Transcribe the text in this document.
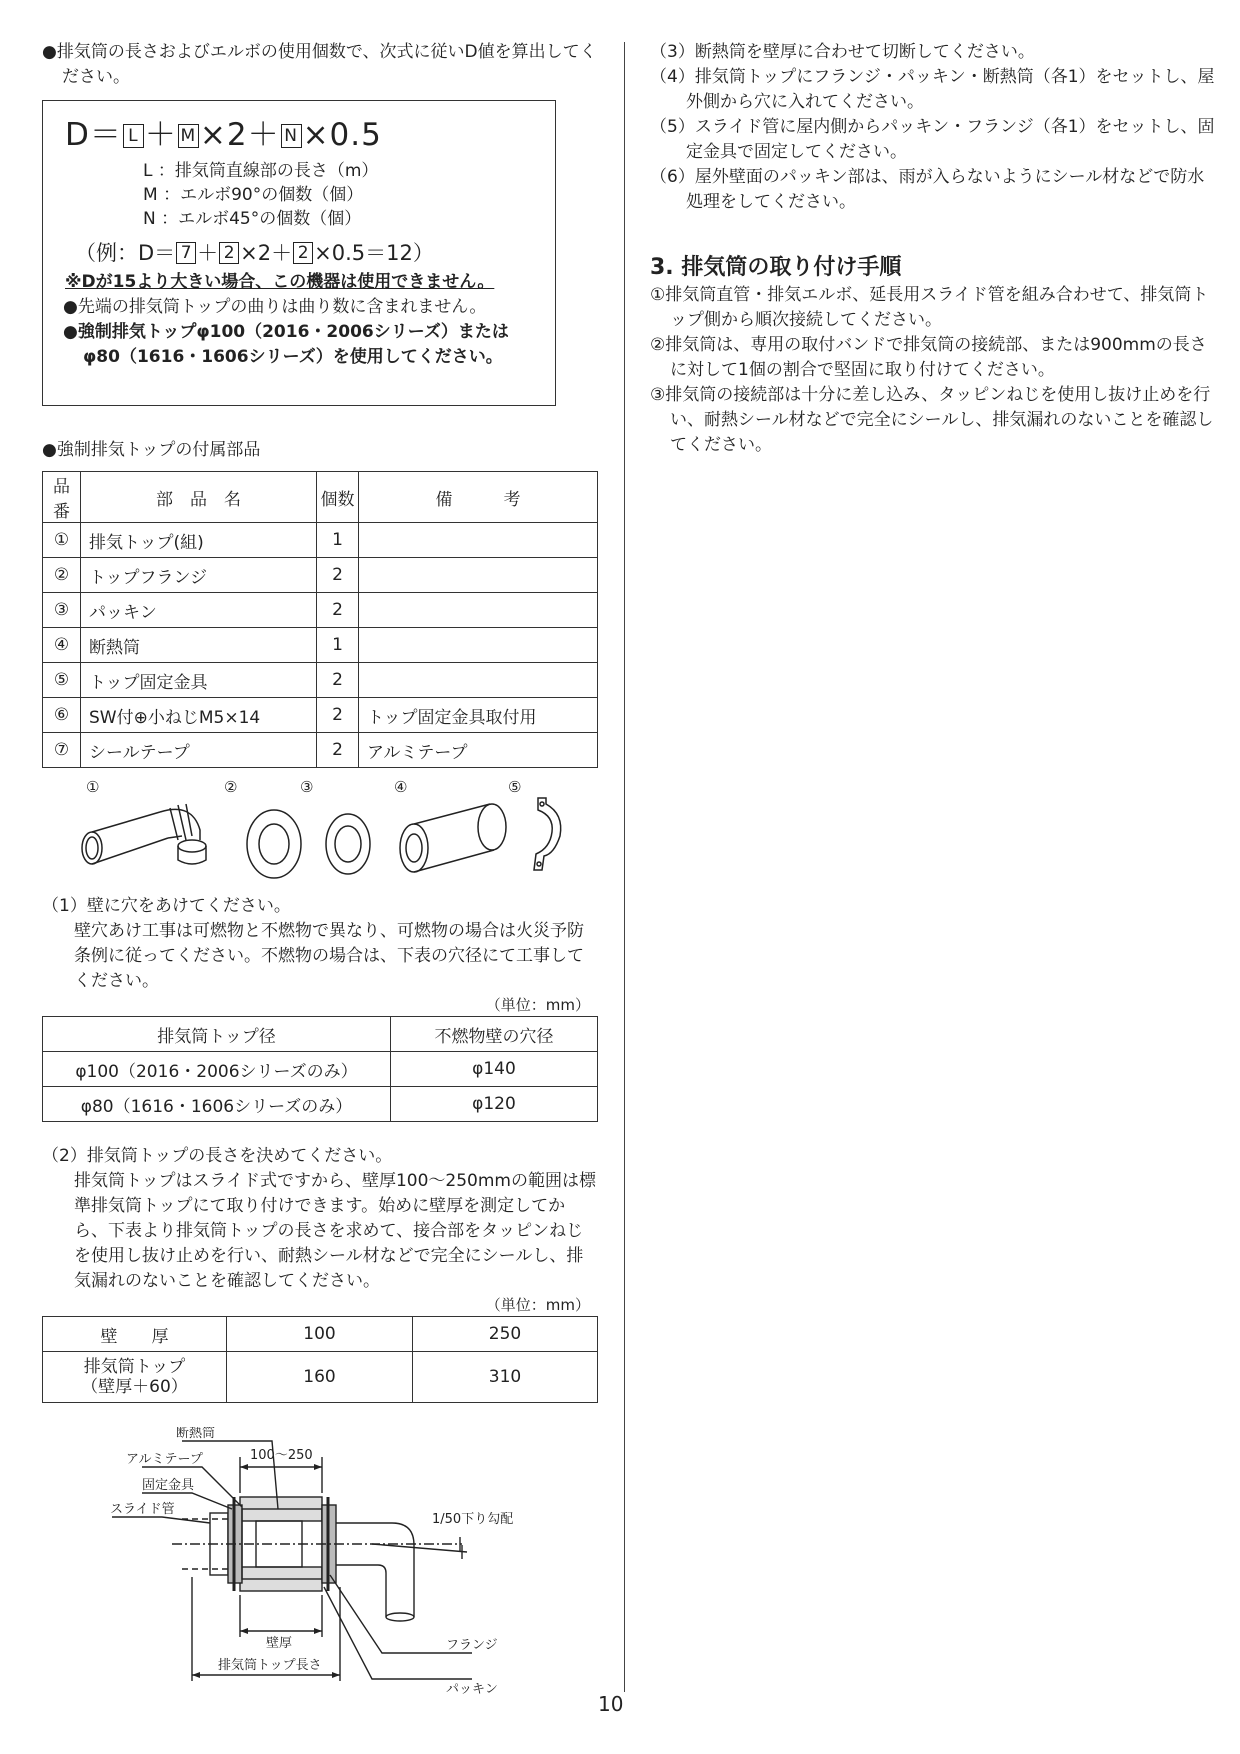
●排気筒の長さおよびエルボの使用個数で、次式に従いD値を算出してください。

D＝ L ＋ M ×2＋ N ×0.5
L ：排気筒直線部の長さ（m）
M ：エルボ90°の個数（個）
N ：エルボ45°の個数（個）
（例：D＝ 7 ＋ 2 ×2＋ 2 ×0.5＝12）

※Dが15より大きい場合、この機器は使用できません。

●先端の排気筒トップの曲りは曲り数に含まれません。

●強制排気トップφ100（2016・2006シリーズ）またはφ80（1616・1606シリーズ）を使用してください。

●強制排気トップの付属部品

品番	部　品　名	個数	備　　　考
①	排気トップ(組)	1	
②	トップフランジ	2	
③	パッキン	2	
④	断熱筒	1	
⑤	トップ固定金具	2	
⑥	SW付⊕小ねじM5×14	2	トップ固定金具取付用
⑦	シールテープ	2	アルミテープ
①	②	③	④	⑤

（1）壁に穴をあけてください。

壁穴あけ工事は可燃物と不燃物で異なり、可燃物の場合は火災予防条例に従ってください。不燃物の場合は、下表の穴径にて工事してください。

（単位：mm）

排気筒トップ径	不燃物壁の穴径
φ100（2016・2006シリーズのみ）	φ140
φ80（1616・1606シリーズのみ）	φ120

（2）排気筒トップの長さを決めてください。

排気筒トップはスライド式ですから、壁厚100～250mmの範囲は標準排気筒トップにて取り付けできます。始めに壁厚を測定してから、下表より排気筒トップの長さを求めて、接合部をタッピンねじを使用し抜け止めを行い、耐熱シール材などで完全にシールし、排気漏れのないことを確認してください。

（単位：mm）

壁　　厚	100	250

排気筒トップ
（壁厚＋60）	160	310
断熱筒
アルミテープ
固定金具
スライド管
100～250
1/50下り勾配
壁厚
排気筒トップ長さ
フランジ
パッキン

（3）断熱筒を壁厚に合わせて切断してください。

（4）排気筒トップにフランジ・パッキン・断熱筒（各1）をセットし、屋外側から穴に入れてください。

（5）スライド管に屋内側からパッキン・フランジ（各1）をセットし、固定金具で固定してください。

（6）屋外壁面のパッキン部は、雨が入らないようにシール材などで防水処理をしてください。

3. 排気筒の取り付け手順

①排気筒直管・排気エルボ、延長用スライド管を組み合わせて、排気筒トップ側から順次接続してください。

②排気筒は、専用の取付バンドで排気筒の接続部、または900mmの長さに対して1個の割合で堅固に取り付けてください。

③排気筒の接続部は十分に差し込み、タッピンねじを使用し抜け止めを行い、耐熱シール材などで完全にシールし、排気漏れのないことを確認してください。

10
